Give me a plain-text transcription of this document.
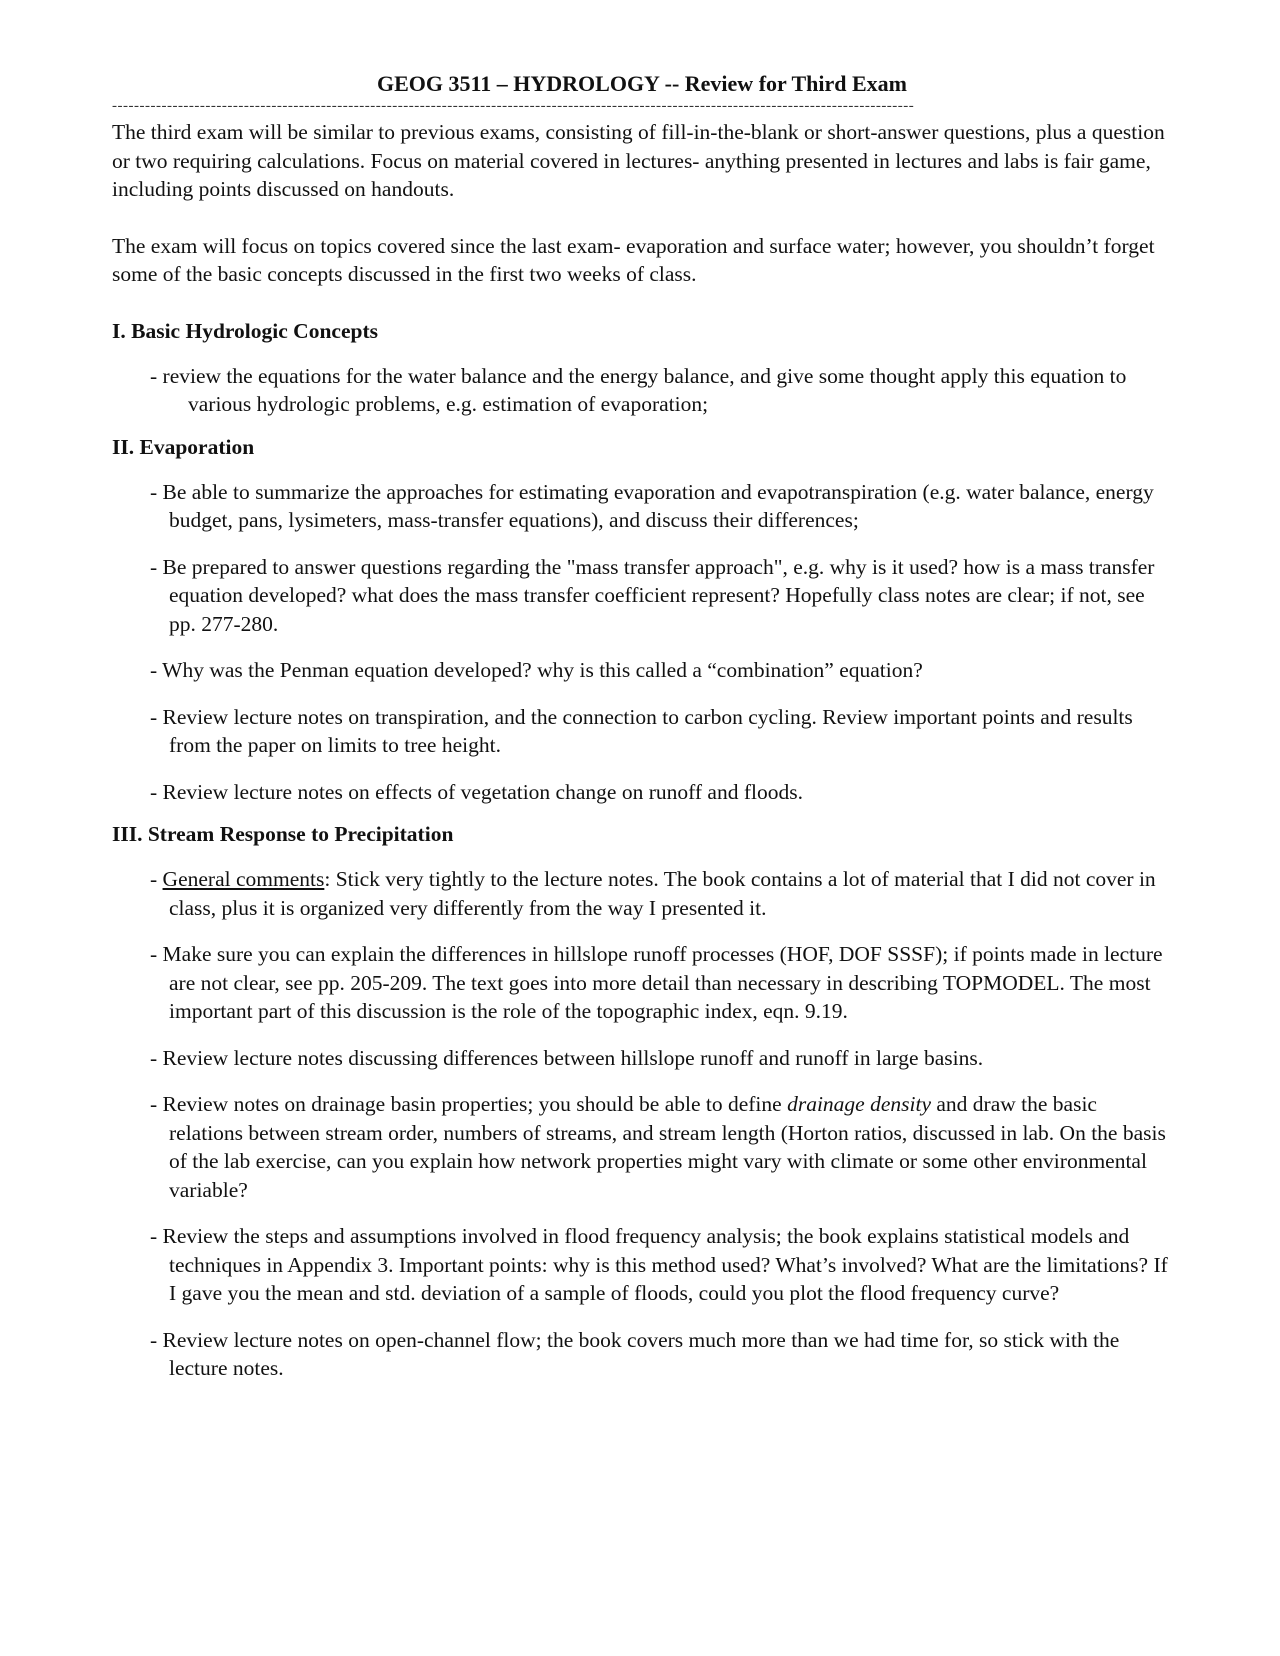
GEOG 3511 – HYDROLOGY -- Review for Third Exam
--------------------------------------------------------------------------------------------------------------------------------------------------

The third exam will be similar to previous exams, consisting of fill-in-the-blank or short-answer questions, plus a question or two requiring calculations. Focus on material covered in lectures- anything presented in lectures and labs is fair game, including points discussed on handouts.

The exam will focus on topics covered since the last exam- evaporation and surface water; however, you shouldn’t forget some of the basic concepts discussed in the first two weeks of class.

I. Basic Hydrologic Concepts
- review the equations for the water balance and the energy balance, and give some thought apply this equation to various hydrologic problems, e.g. estimation of evaporation;
II. Evaporation
- Be able to summarize the approaches for estimating evaporation and evapotranspiration (e.g. water balance, energy budget, pans, lysimeters, mass-transfer equations), and discuss their differences;
- Be prepared to answer questions regarding the "mass transfer approach", e.g. why is it used? how is a mass transfer equation developed? what does the mass transfer coefficient represent? Hopefully class notes are clear; if not, see pp. 277-280.
- Why was the Penman equation developed? why is this called a “combination” equation?
- Review lecture notes on transpiration, and the connection to carbon cycling. Review important points and results from the paper on limits to tree height.
- Review lecture notes on effects of vegetation change on runoff and floods.
III. Stream Response to Precipitation
- General comments: Stick very tightly to the lecture notes. The book contains a lot of material that I did not cover in class, plus it is organized very differently from the way I presented it.
- Make sure you can explain the differences in hillslope runoff processes (HOF, DOF SSSF); if points made in lecture are not clear, see pp. 205-209. The text goes into more detail than necessary in describing TOPMODEL. The most important part of this discussion is the role of the topographic index, eqn. 9.19.
- Review lecture notes discussing differences between hillslope runoff and runoff in large basins.
- Review notes on drainage basin properties; you should be able to define drainage density and draw the basic relations between stream order, numbers of streams, and stream length (Horton ratios, discussed in lab. On the basis of the lab exercise, can you explain how network properties might vary with climate or some other environmental variable?
- Review the steps and assumptions involved in flood frequency analysis; the book explains statistical models and techniques in Appendix 3. Important points: why is this method used? What’s involved? What are the limitations? If I gave you the mean and std. deviation of a sample of floods, could you plot the flood frequency curve?
- Review lecture notes on open-channel flow; the book covers much more than we had time for, so stick with the lecture notes.
